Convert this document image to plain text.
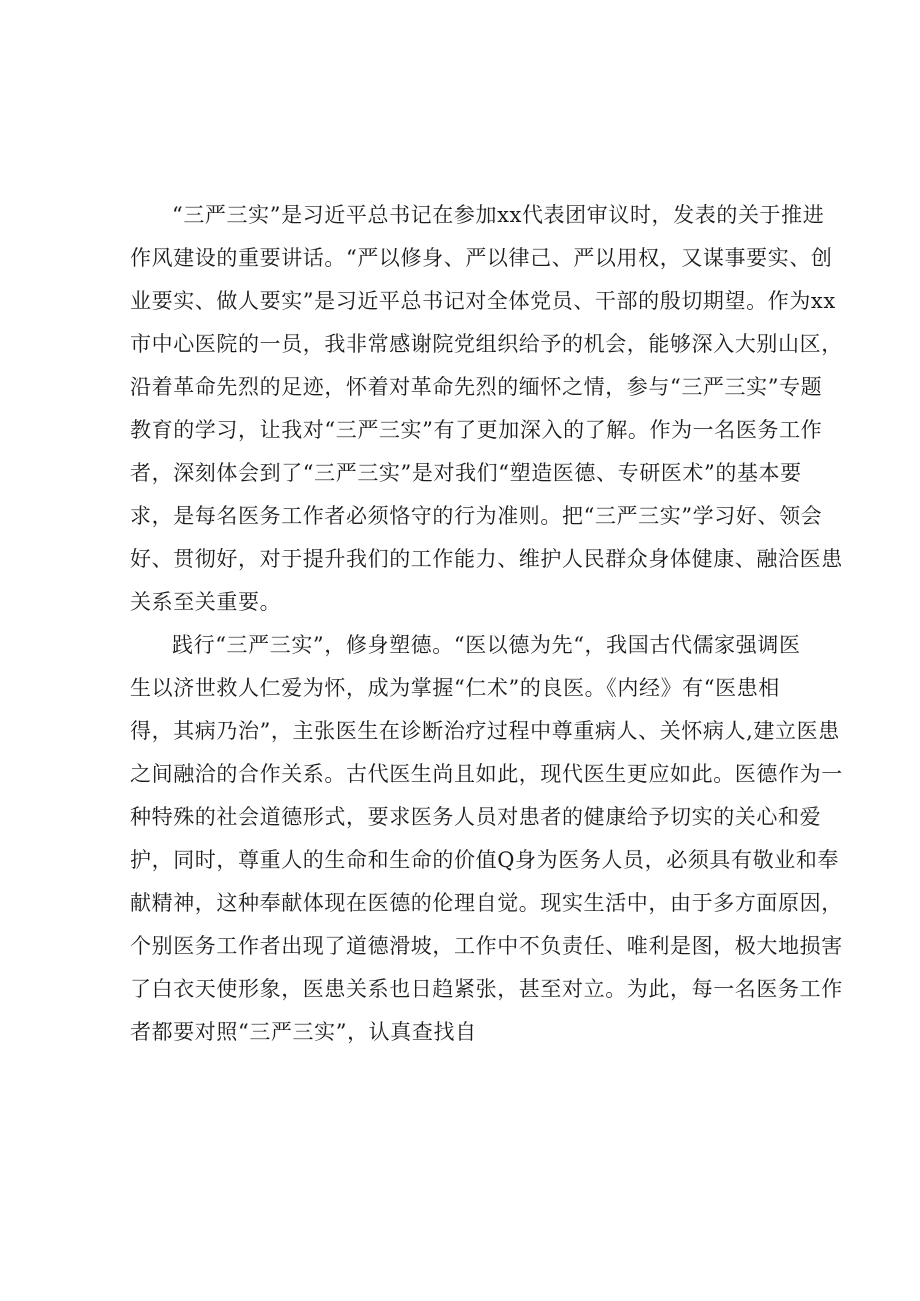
“三严三实”是习近平总书记在参加xx代表团审议时，发表的关于推进
作风建设的重要讲话。“严以修身、严以律己、严以用权，又谋事要实、创
业要实、做人要实”是习近平总书记对全体党员、干部的殷切期望。作为xx
市中心医院的一员，我非常感谢院党组织给予的机会，能够深入大别山区，
沿着革命先烈的足迹，怀着对革命先烈的缅怀之情，参与“三严三实”专题
教育的学习，让我对“三严三实”有了更加深入的了解。作为一名医务工作
者，深刻体会到了“三严三实”是对我们“塑造医德、专研医术”的基本要
求，是每名医务工作者必须恪守的行为准则。把“三严三实”学习好、领会
好、贯彻好，对于提升我们的工作能力、维护人民群众身体健康、融洽医患
关系至关重要。
践行“三严三实”，修身塑德。“医以德为先“，我国古代儒家强调医
生以济世救人仁爱为怀，成为掌握“仁术”的良医。《内经》有“医患相
得，其病乃治”，主张医生在诊断治疗过程中尊重病人、关怀病人,建立医患
之间融洽的合作关系。古代医生尚且如此，现代医生更应如此。医德作为一
种特殊的社会道德形式，要求医务人员对患者的健康给予切实的关心和爱
护，同时，尊重人的生命和生命的价值Q身为医务人员，必须具有敬业和奉
献精神，这种奉献体现在医德的伦理自觉。现实生活中，由于多方面原因，
个别医务工作者出现了道德滑坡，工作中不负责任、唯利是图，极大地损害
了白衣天使形象，医患关系也日趋紧张，甚至对立。为此，每一名医务工作
者都要对照“三严三实”，认真查找自
